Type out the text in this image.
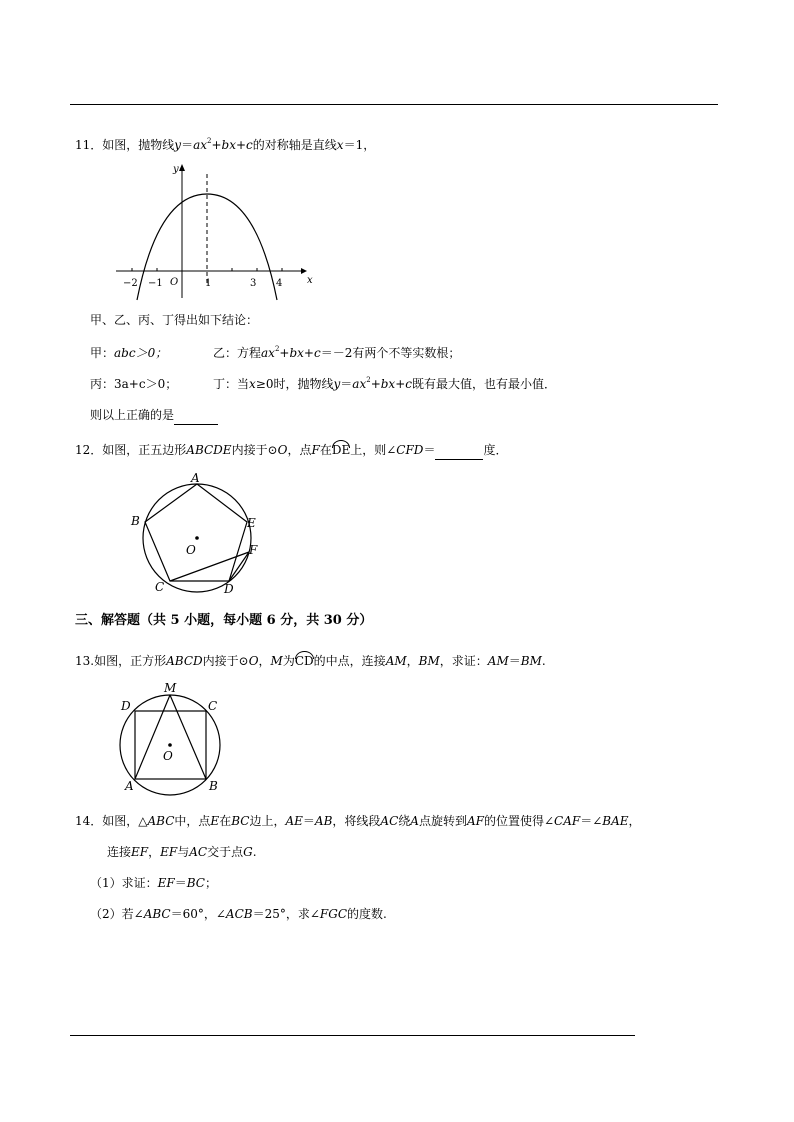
11．如图，抛物线$y=ax^2+bx+c$的对称轴是直线x＝1，
y
x
O
−2 −1	1	3 4
甲、乙、丙、丁得出如下结论：
甲：abc＞0；	乙：方程$ax^2+bx+c=-2$有两个不等实数根；
丙：3a+c＞0；	丁：当x≥0时，抛物线$y=ax^2+bx+c$既有最大值，也有最小值．
则以上正确的是
12．如图，正五边形ABCDE内接于⊙O，点F在DE上，则∠CFD＝	度．
A
B
C	D
E
F
O
三、解答题（共 5 小题，每小题 6 分，共 30 分）
13.如图，正方形ABCD内接于⊙O，M为CD的中点，连接AM，BM，求证：AM＝BM.
M
D	C
A	B
O
14．如图，△ABC中，点E在BC边上，AE＝AB，将线段AC绕A点旋转到AF的位置使得∠CAF＝∠BAE，
连接EF，EF与AC交于点G.
（1）求证：EF＝BC；
（2）若∠ABC＝60°，∠ACB＝25°，求∠FGC的度数.
